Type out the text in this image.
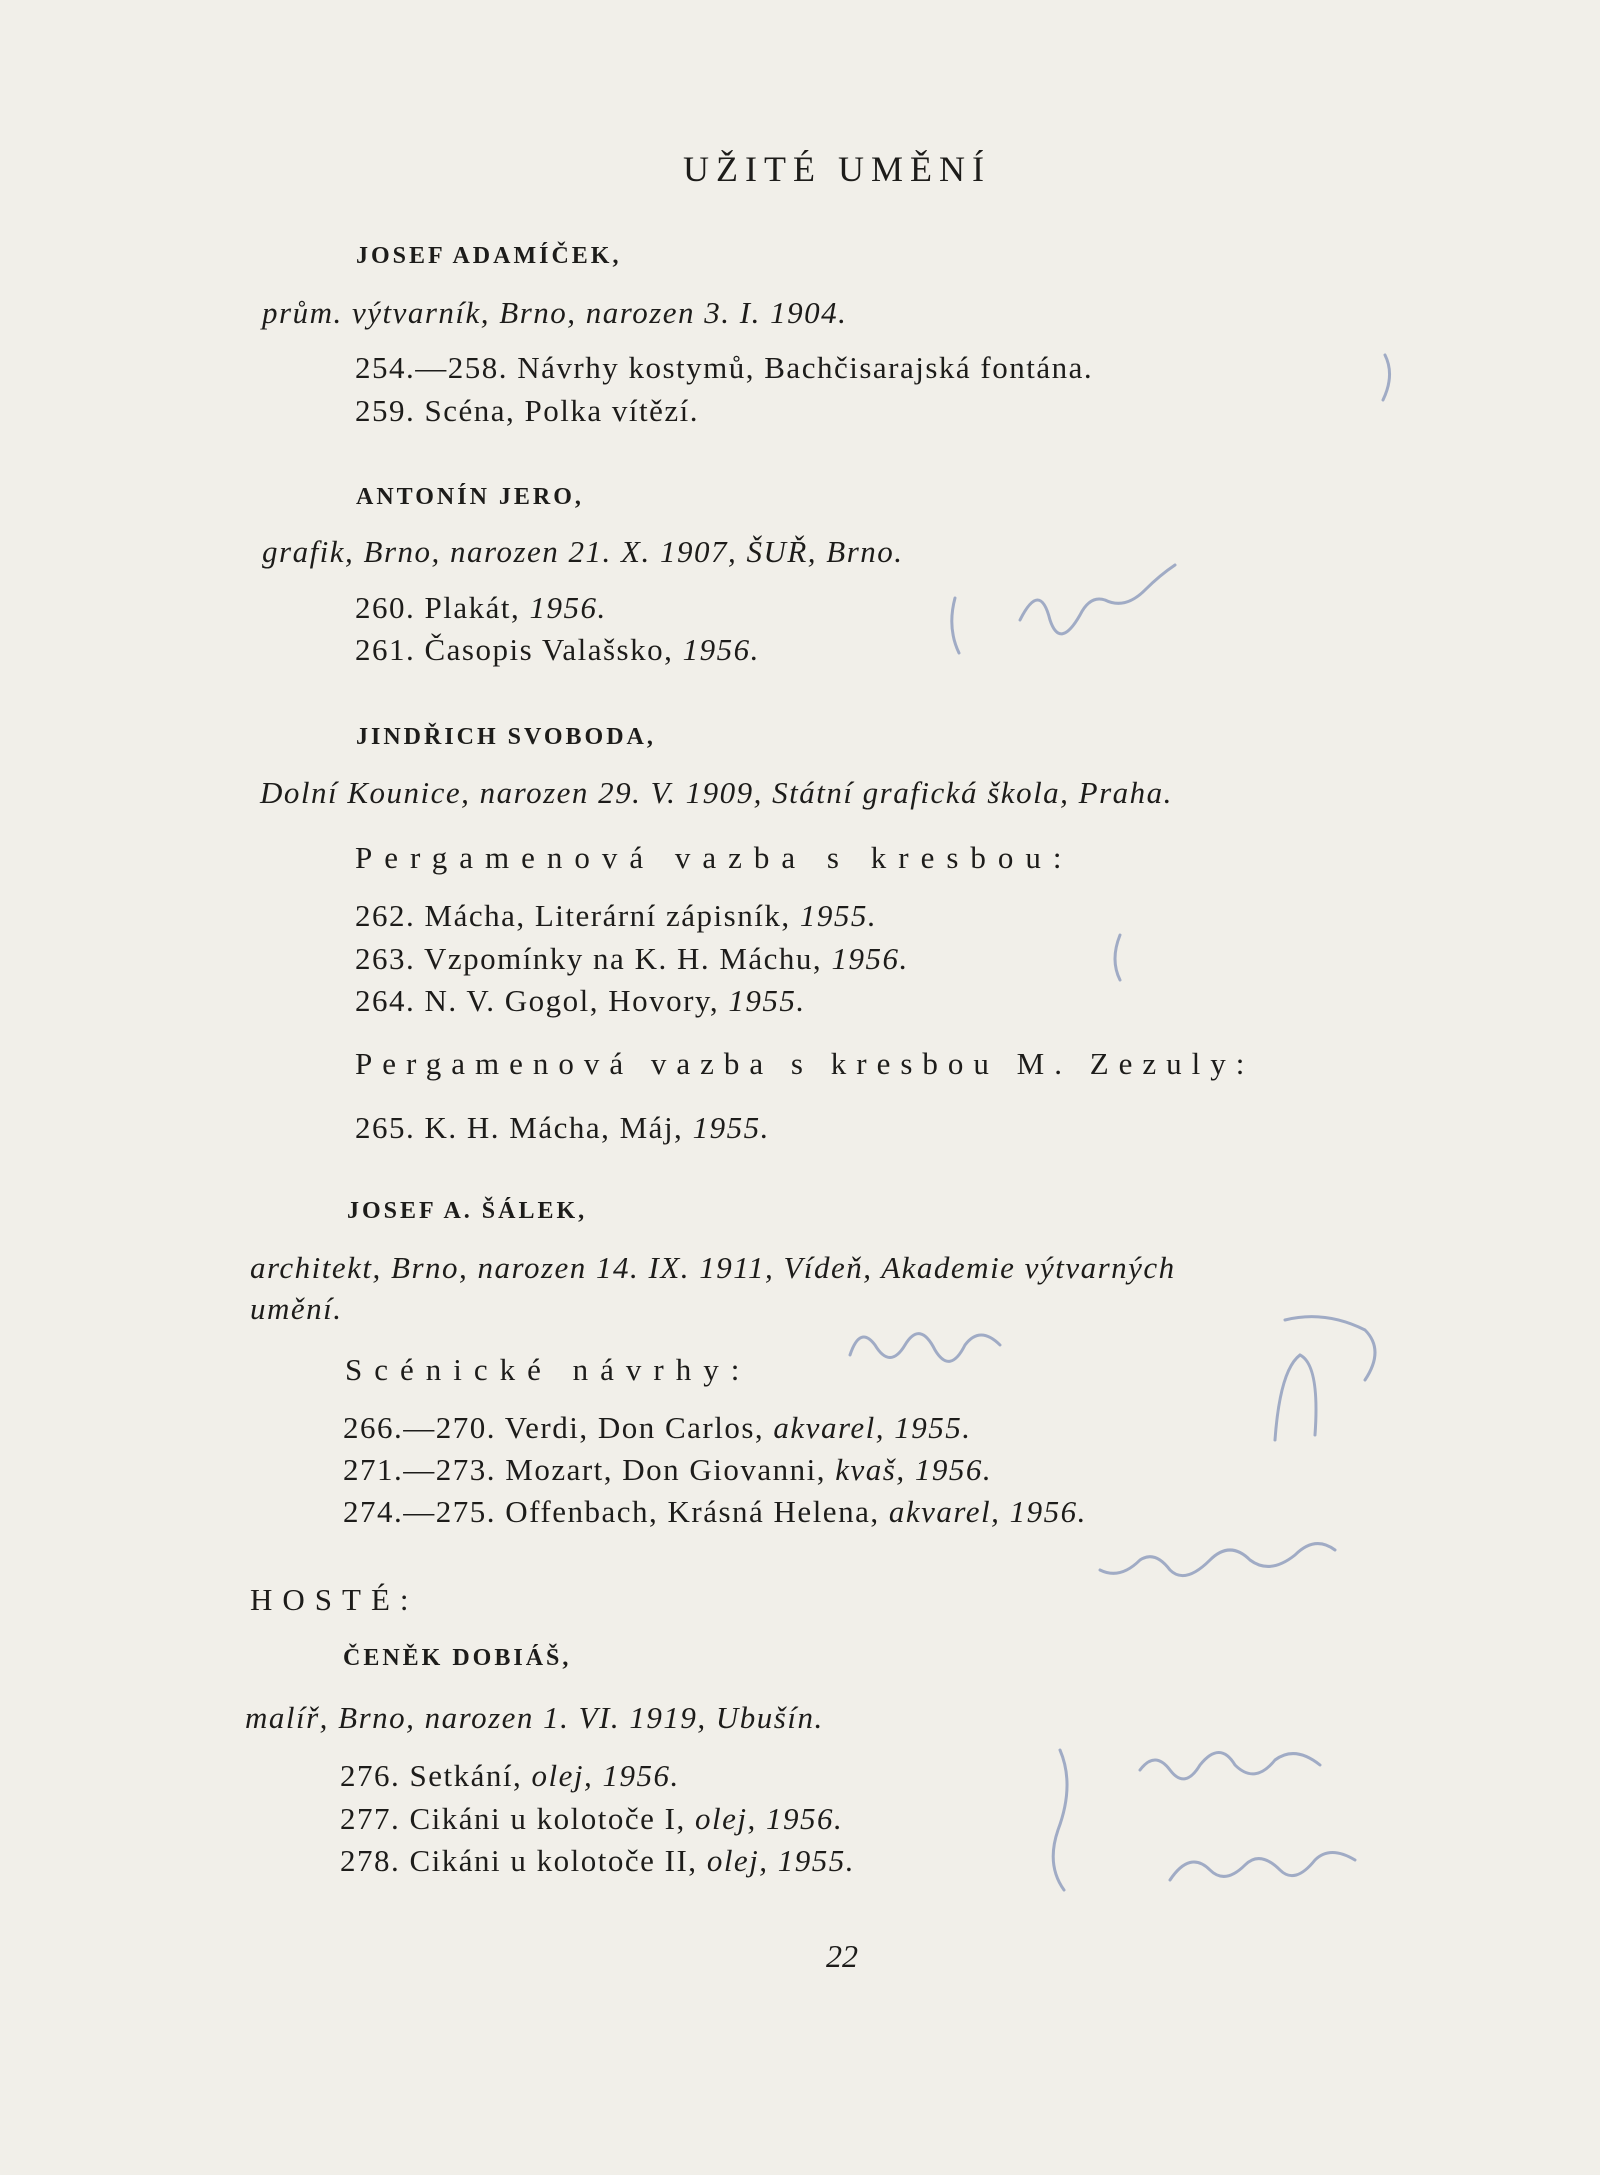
UŽITÉ UMĚNÍ
JOSEF ADAMÍČEK,
prům. výtvarník, Brno, narozen 3. I. 1904.
254.—258. Návrhy kostymů, Bachčisarajská fontána.
259. Scéna, Polka vítězí.
ANTONÍN JERO,
grafik, Brno, narozen 21. X. 1907, ŠUŘ, Brno.
260. Plakát, 1956.
261. Časopis Valašsko, 1956.
JINDŘICH SVOBODA,
Dolní Kounice, narozen 29. V. 1909, Státní grafická škola, Praha.
Pergamenová vazba s kresbou:
262. Mácha, Literární zápisník, 1955.
263. Vzpomínky na K. H. Máchu, 1956.
264. N. V. Gogol, Hovory, 1955.
Pergamenová vazba s kresbou M. Zezuly:
265. K. H. Mácha, Máj, 1955.
JOSEF A. ŠÁLEK,
architekt, Brno, narozen 14. IX. 1911, Vídeň, Akademie výtvarných
umění.
Scénické návrhy:
266.—270. Verdi, Don Carlos, akvarel, 1955.
271.—273. Mozart, Don Giovanni, kvaš, 1956.
274.—275. Offenbach, Krásná Helena, akvarel, 1956.
HOSTÉ:
ČENĚK DOBIÁŠ,
malíř, Brno, narozen 1. VI. 1919, Ubušín.
276. Setkání, olej, 1956.
277. Cikáni u kolotoče I, olej, 1956.
278. Cikáni u kolotoče II, olej, 1955.
22
